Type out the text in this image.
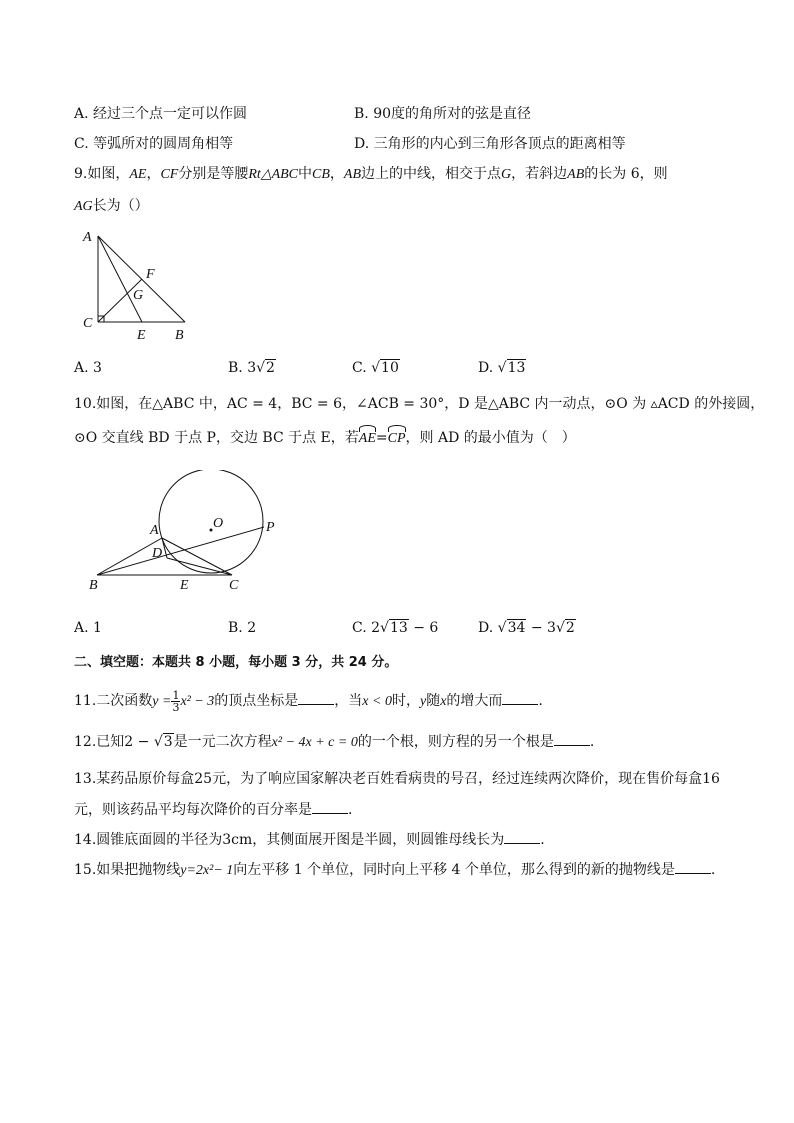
A. 经过三个点一定可以作圆	B. 90度的角所对的弦是直径
C. 等弧所对的圆周角相等	D. 三角形的内心到三角形各顶点的距离相等
9.如图，AE，CF分别是等腰Rt△ABC中CB，AB边上的中线，相交于点G，若斜边AB的长为 6，则
AG长为（）
A
C
E B
F
G
A. 3	B. 3√2	C. √10	D. √13
10.如图，在△ABC 中，AC = 4，BC = 6，∠ACB = 30°，D 是△ABC 内一动点，⊙O 为 ▵ACD 的外接圆，
⊙O 交直线 BD 于点 P，交边 BC 于点 E，若AE=CP，则 AD 的最小值为（　）
A
D
O	P
B	E	C
A. 1	B. 2	C. 2√13 − 6	D. √34 − 3√2
二、填空题：本题共 8 小题，每小题 3 分，共 24 分。
11.二次函数$y = \frac{1}{3} x^2 - 3$的顶点坐标是	，当x < 0时，y随x的增大而	.
12.已知2 − √3是一元二次方程x² − 4x + c = 0的一个根，则方程的另一个根是	.
13.某药品原价每盒25元，为了响应国家解决老百姓看病贵的号召，经过连续两次降价，现在售价每盒16
元，则该药品平均每次降价的百分率是	.
14.圆锥底面圆的半径为3cm，其侧面展开图是半圆，则圆锥母线长为	.
15.如果把抛物线y=2x²− 1向左平移 1 个单位，同时向上平移 4 个单位，那么得到的新的抛物线是	.
